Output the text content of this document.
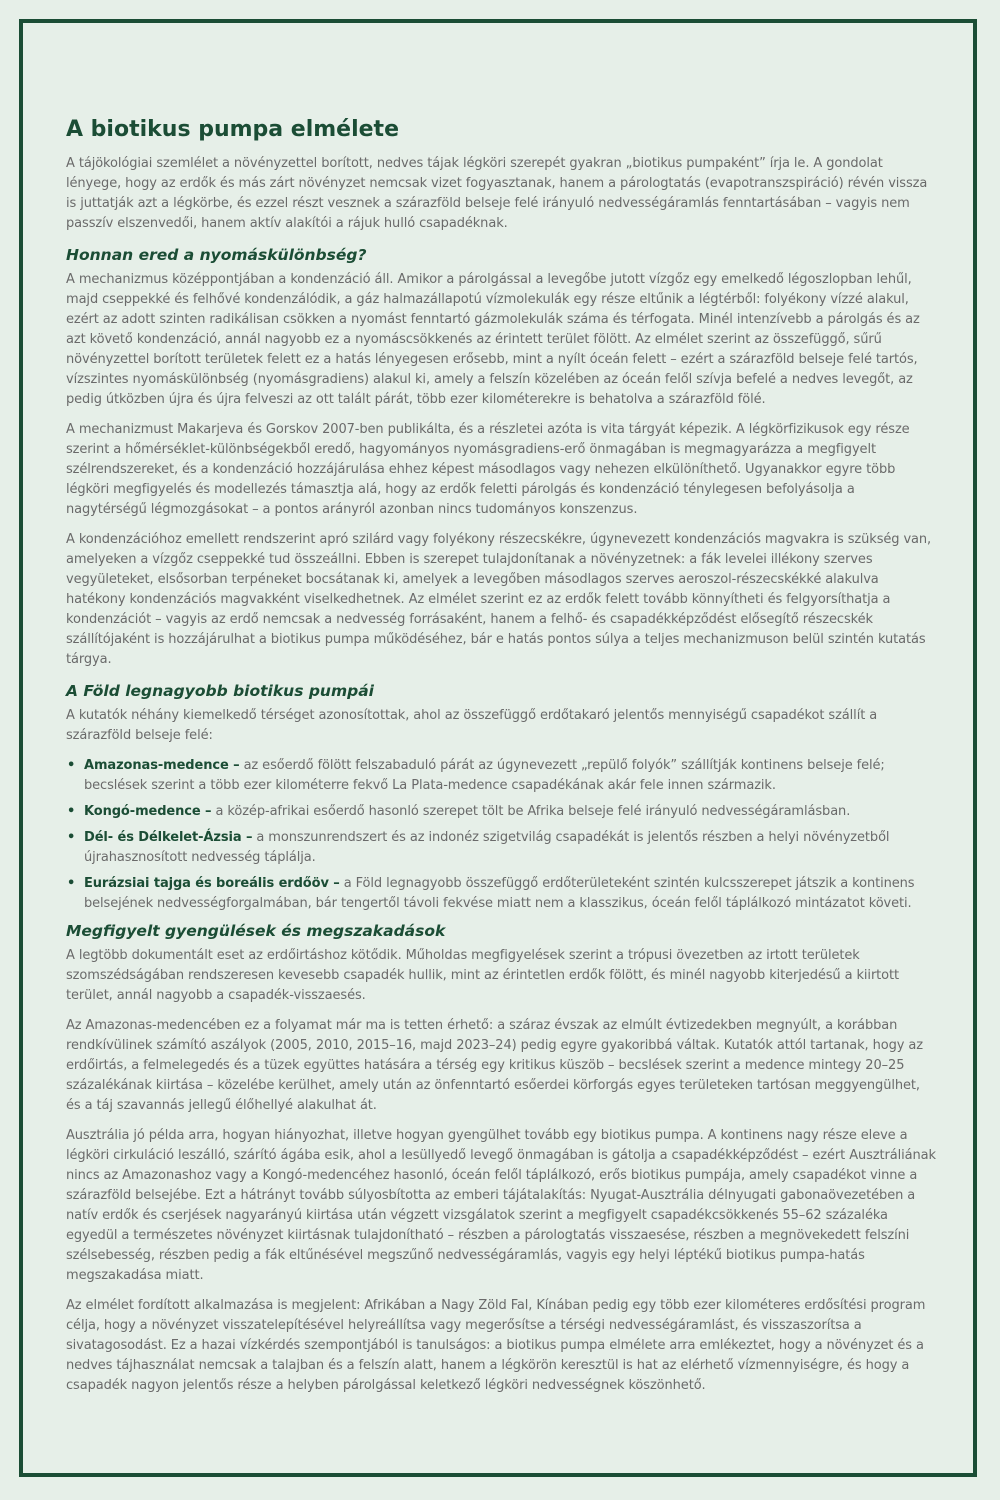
A biotikus pumpa elmélete

A tájökológiai szemlélet a növényzettel borított, nedves tájak légköri szerepét gyakran „biotikus pumpaként” írja le. A gondolat lényege, hogy az erdők és más zárt növényzet nemcsak vizet fogyasztanak, hanem a párologtatás (evapotranszspiráció) révén vissza is juttatják azt a légkörbe, és ezzel részt vesznek a szárazföld belseje felé irányuló nedvességáramlás fenntartásában – vagyis nem passzív elszenvedői, hanem aktív alakítói a rájuk hulló csapadéknak.

Honnan ered a nyomáskülönbség?

A mechanizmus középpontjában a kondenzáció áll. Amikor a párolgással a levegőbe jutott vízgőz egy emelkedő légoszlopban lehűl, majd cseppekké és felhővé kondenzálódik, a gáz halmazállapotú vízmolekulák egy része eltűnik a légtérből: folyékony vízzé alakul, ezért az adott szinten radikálisan csökken a nyomást fenntartó gázmolekulák száma és térfogata. Minél intenzívebb a párolgás és az azt követő kondenzáció, annál nagyobb ez a nyomáscsökkenés az érintett terület fölött. Az elmélet szerint az összefüggő, sűrű növényzettel borított területek felett ez a hatás lényegesen erősebb, mint a nyílt óceán felett – ezért a szárazföld belseje felé tartós, vízszintes nyomáskülönbség (nyomásgradiens) alakul ki, amely a felszín közelében az óceán felől szívja befelé a nedves levegőt, az pedig útközben újra és újra felveszi az ott talált párát, több ezer kilométerekre is behatolva a szárazföld fölé.

A mechanizmust Makarjeva és Gorskov 2007-ben publikálta, és a részletei azóta is vita tárgyát képezik. A légkörfizikusok egy része szerint a hőmérséklet-különbségekből eredő, hagyományos nyomásgradiens-erő önmagában is megmagyarázza a megfigyelt szélrendszereket, és a kondenzáció hozzájárulása ehhez képest másodlagos vagy nehezen elkülöníthető. Ugyanakkor egyre több légköri megfigyelés és modellezés támasztja alá, hogy az erdők feletti párolgás és kondenzáció ténylegesen befolyásolja a nagytérségű légmozgásokat – a pontos arányról azonban nincs tudományos konszenzus.

A kondenzációhoz emellett rendszerint apró szilárd vagy folyékony részecskékre, úgynevezett kondenzációs magvakra is szükség van, amelyeken a vízgőz cseppekké tud összeállni. Ebben is szerepet tulajdonítanak a növényzetnek: a fák levelei illékony szerves vegyületeket, elsősorban terpéneket bocsátanak ki, amelyek a levegőben másodlagos szerves aeroszol-részecskékké alakulva hatékony kondenzációs magvakként viselkedhetnek. Az elmélet szerint ez az erdők felett tovább könnyítheti és felgyorsíthatja a kondenzációt – vagyis az erdő nemcsak a nedvesség forrásaként, hanem a felhő- és csapadékképződést elősegítő részecskék szállítójaként is hozzájárulhat a biotikus pumpa működéséhez, bár e hatás pontos súlya a teljes mechanizmuson belül szintén kutatás tárgya.

A Föld legnagyobb biotikus pumpái

A kutatók néhány kiemelkedő térséget azonosítottak, ahol az összefüggő erdőtakaró jelentős mennyiségű csapadékot szállít a szárazföld belseje felé:

• Amazonas-medence – az esőerdő fölött felszabaduló párát az úgynevezett „repülő folyók” szállítják kontinens belseje felé; becslések szerint a több ezer kilométerre fekvő La Plata-medence csapadékának akár fele innen származik.
• Kongó-medence – a közép-afrikai esőerdő hasonló szerepet tölt be Afrika belseje felé irányuló nedvességáramlásban.
• Dél- és Délkelet-Ázsia – a monszunrendszert és az indonéz szigetvilág csapadékát is jelentős részben a helyi növényzetből újrahasznosított nedvesség táplálja.
• Eurázsiai tajga és boreális erdőöv – a Föld legnagyobb összefüggő erdőterületeként szintén kulcsszerepet játszik a kontinens belsejének nedvességforgalmában, bár tengertől távoli fekvése miatt nem a klasszikus, óceán felől táplálkozó mintázatot követi.
Megfigyelt gyengülések és megszakadások

A legtöbb dokumentált eset az erdőirtáshoz kötődik. Műholdas megfigyelések szerint a trópusi övezetben az irtott területek szomszédságában rendszeresen kevesebb csapadék hullik, mint az érintetlen erdők fölött, és minél nagyobb kiterjedésű a kiirtott terület, annál nagyobb a csapadék-visszaesés.

Az Amazonas-medencében ez a folyamat már ma is tetten érhető: a száraz évszak az elmúlt évtizedekben megnyúlt, a korábban rendkívülinek számító aszályok (2005, 2010, 2015–16, majd 2023–24) pedig egyre gyakoribbá váltak. Kutatók attól tartanak, hogy az erdőirtás, a felmelegedés és a tüzek együttes hatására a térség egy kritikus küszöb – becslések szerint a medence mintegy 20–25 százalékának kiirtása – közelébe kerülhet, amely után az önfenntartó esőerdei körforgás egyes területeken tartósan meggyengülhet, és a táj szavannás jellegű élőhellyé alakulhat át.

Ausztrália jó példa arra, hogyan hiányozhat, illetve hogyan gyengülhet tovább egy biotikus pumpa. A kontinens nagy része eleve a légköri cirkuláció leszálló, szárító ágába esik, ahol a lesüllyedő levegő önmagában is gátolja a csapadékképződést – ezért Ausztráliának nincs az Amazonashoz vagy a Kongó-medencéhez hasonló, óceán felől táplálkozó, erős biotikus pumpája, amely csapadékot vinne a szárazföld belsejébe. Ezt a hátrányt tovább súlyosbította az emberi tájátalakítás: Nyugat-Ausztrália délnyugati gabonaövezetében a natív erdők és cserjések nagyarányú kiirtása után végzett vizsgálatok szerint a megfigyelt csapadékcsökkenés 55–62 százaléka egyedül a természetes növényzet kiirtásnak tulajdonítható – részben a párologtatás visszaesése, részben a megnövekedett felszíni szélsebesség, részben pedig a fák eltűnésével megszűnő nedvességáramlás, vagyis egy helyi léptékű biotikus pumpa-hatás megszakadása miatt.

Az elmélet fordított alkalmazása is megjelent: Afrikában a Nagy Zöld Fal, Kínában pedig egy több ezer kilométeres erdősítési program célja, hogy a növényzet visszatelepítésével helyreállítsa vagy megerősítse a térségi nedvességáramlást, és visszaszorítsa a sivatagosodást. Ez a hazai vízkérdés szempontjából is tanulságos: a biotikus pumpa elmélete arra emlékeztet, hogy a növényzet és a nedves tájhasználat nemcsak a talajban és a felszín alatt, hanem a légkörön keresztül is hat az elérhető vízmennyiségre, és hogy a csapadék nagyon jelentős része a helyben párolgással keletkező légköri nedvességnek köszönhető.
